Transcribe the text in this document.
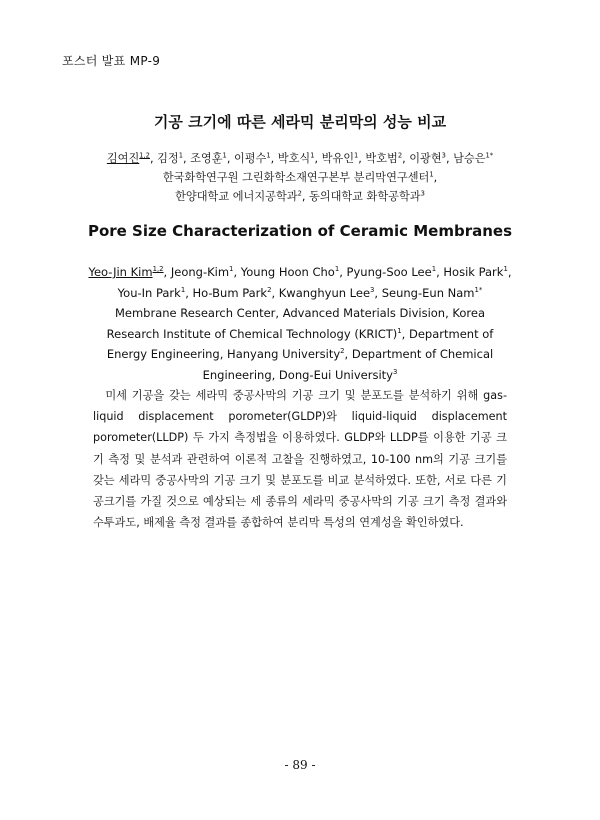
포스터 발표 MP-9
기공 크기에 따른 세라믹 분리막의 성능 비교
김여진$^{1,2}$, 김정$^1$, 조영훈$^1$, 이평수$^1$, 박호식$^1$, 박유인$^1$, 박호범$^2$, 이광현$^3$, 남승은$^{1*}$
한국화학연구원 그린화학소재연구본부 분리막연구센터$^1$,
한양대학교 에너지공학과$^2$, 동의대학교 화학공학과$^3$
Pore Size Characterization of Ceramic Membranes
Yeo-Jin Kim$^{1,2}$, Jeong-Kim$^1$, Young Hoon Cho$^1$, Pyung-Soo Lee$^1$, Hosik Park$^1$,
You-In Park$^1$, Ho-Bum Park$^2$, Kwanghyun Lee$^3$, Seung-Eun Nam$^{1*}$
Membrane Research Center, Advanced Materials Division, Korea Research Institute of Chemical Technology (KRICT)$^1$, Department of Energy Engineering, Hanyang University$^2$, Department of Chemical Engineering, Dong-Eui University$^3$

미세 기공을 갖는 세라믹 중공사막의 기공 크기 및 분포도를 분석하기 위해 gas-liquid displacement porometer(GLDP)와 liquid-liquid displacement porometer(LLDP) 두 가지 측정법을 이용하였다. GLDP와 LLDP를 이용한 기공 크기 측정 및 분석과 관련하여 이론적 고찰을 진행하였고, 10-100 nm의 기공 크기를 갖는 세라믹 중공사막의 기공 크기 및 분포도를 비교 분석하였다. 또한, 서로 다른 기공크기를 가질 것으로 예상되는 세 종류의 세라믹 중공사막의 기공 크기 측정 결과와 수투과도, 배제율 측정 결과를 종합하여 분리막 특성의 연계성을 확인하였다.

- 89 -
